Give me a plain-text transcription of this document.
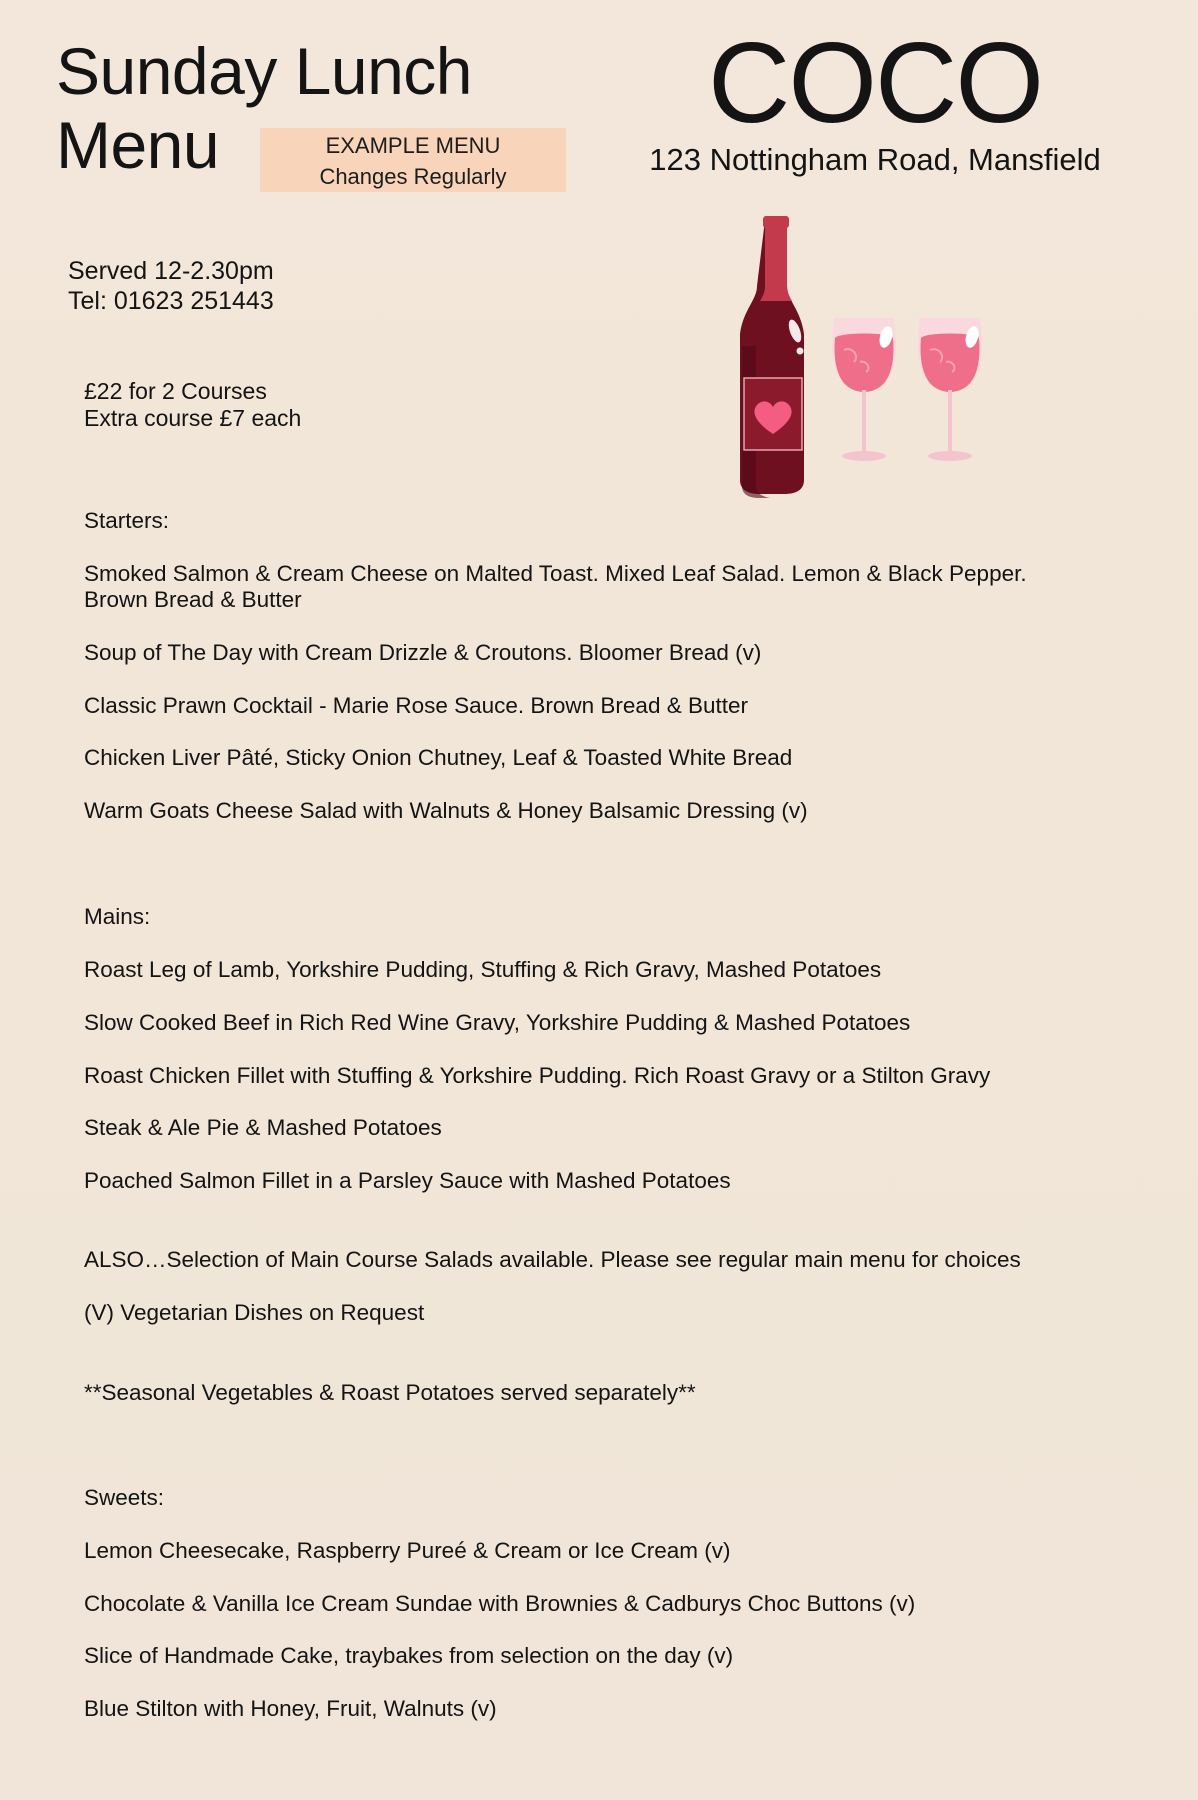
Sunday Lunch
Menu	EXAMPLE MENU
Changes Regularly
COCO
123 Nottingham Road, Mansfield
Served 12-2.30pm
Tel: 01623 251443
£22 for 2 Courses
Extra course £7 each
Starters:
Smoked Salmon & Cream Cheese on Malted Toast. Mixed Leaf Salad. Lemon & Black Pepper.
Brown Bread & Butter
Soup of The Day with Cream Drizzle & Croutons. Bloomer Bread (v)
Classic Prawn Cocktail - Marie Rose Sauce. Brown Bread & Butter
Chicken Liver Pâté, Sticky Onion Chutney, Leaf & Toasted White Bread
Warm Goats Cheese Salad with Walnuts & Honey Balsamic Dressing (v)
Mains:
Roast Leg of Lamb, Yorkshire Pudding, Stuffing & Rich Gravy, Mashed Potatoes
Slow Cooked Beef in Rich Red Wine Gravy, Yorkshire Pudding & Mashed Potatoes
Roast Chicken Fillet with Stuffing & Yorkshire Pudding. Rich Roast Gravy or a Stilton Gravy
Steak & Ale Pie & Mashed Potatoes
Poached Salmon Fillet in a Parsley Sauce with Mashed Potatoes
ALSO…Selection of Main Course Salads available. Please see regular main menu for choices
(V) Vegetarian Dishes on Request
**Seasonal Vegetables & Roast Potatoes served separately**
Sweets:
Lemon Cheesecake, Raspberry Pureé & Cream or Ice Cream (v)
Chocolate & Vanilla Ice Cream Sundae with Brownies & Cadburys Choc Buttons (v)
Slice of Handmade Cake, traybakes from selection on the day (v)
Blue Stilton with Honey, Fruit, Walnuts (v)
